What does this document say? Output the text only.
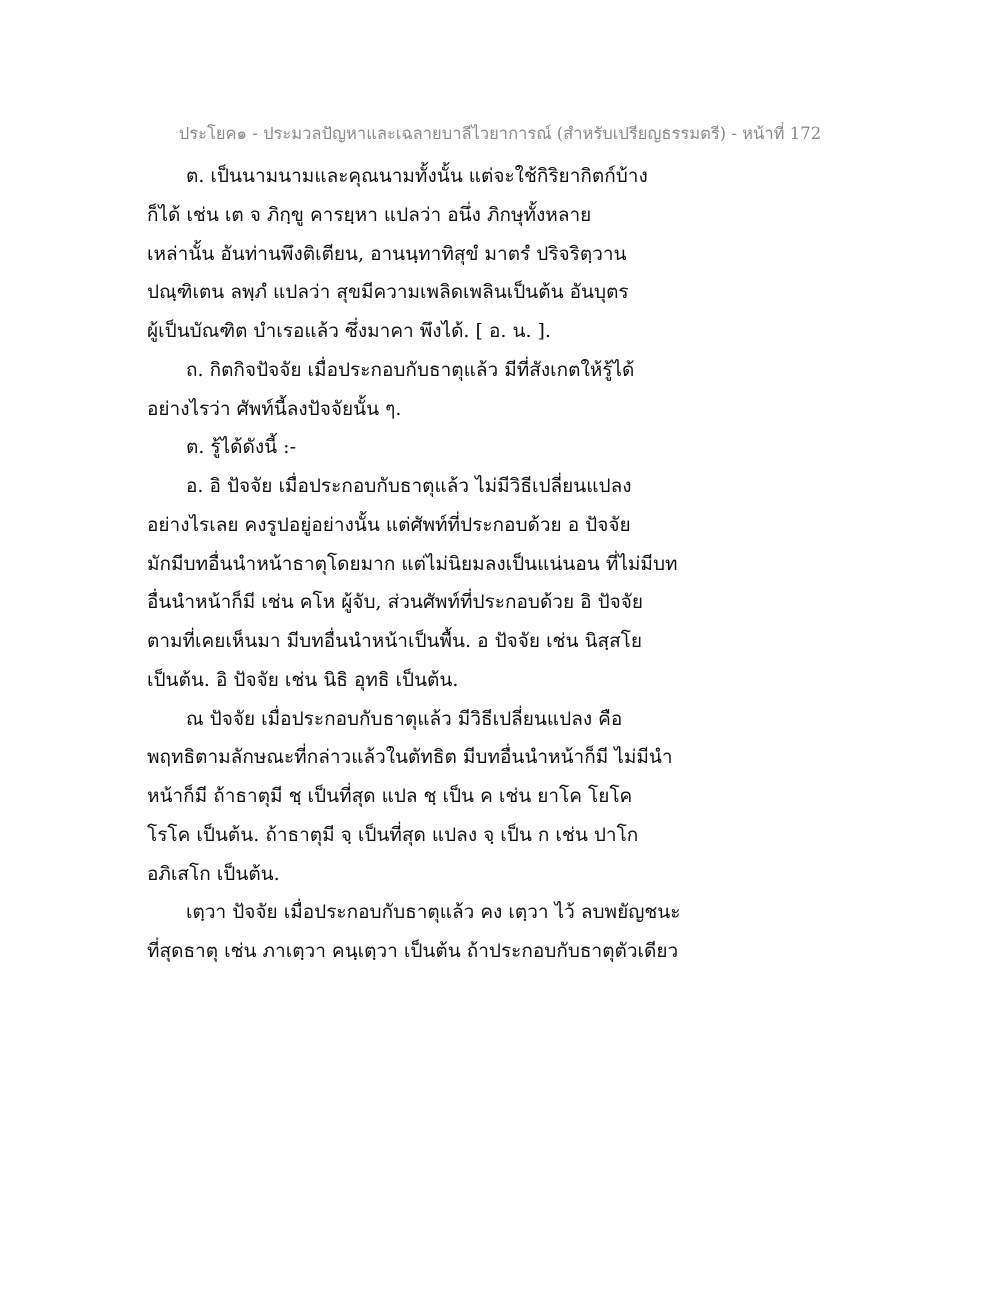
ประโยค๑ - ประมวลปัญหาและเฉลายบาลีไวยาการณ์ (สำหรับเปรียญธรรมตรี) - หน้าที่ 172
ต. เป็นนามนามและคุณนามทั้งนั้น แต่จะใช้กิริยากิตก์บ้าง
ก็ได้ เช่น เต จ ภิกฺขู คารยฺหา แปลว่า อนึ่ง ภิกษุทั้งหลาย
เหล่านั้น อันท่านพึงติเตียน, อานนฺทาทิสุขํ มาตรํ ปริจริตฺวาน
ปณฺฑิเตน ลพฺภํ แปลว่า สุขมีความเพลิดเพลินเป็นต้น อันบุตร
ผู้เป็นบัณฑิต บำเรอแล้ว ซึ่งมาคา พึงได้. [ อ. น. ].
ถ. กิตกิจปัจจัย เมื่อประกอบกับธาตุแล้ว มีที่สังเกตให้รู้ได้
อย่างไรว่า ศัพท์นี้ลงปัจจัยนั้น ๆ.
ต. รู้ได้ดังนี้ :-
อ. อิ ปัจจัย เมื่อประกอบกับธาตุแล้ว ไม่มีวิธีเปลี่ยนแปลง
อย่างไรเลย คงรูปอยู่อย่างนั้น แต่ศัพท์ที่ประกอบด้วย อ ปัจจัย
มักมีบทอื่นนำหน้าธาตุโดยมาก แต่ไม่นิยมลงเป็นแน่นอน ที่ไม่มีบท
อื่นนำหน้าก็มี เช่น คโห ผู้จับ, ส่วนศัพท์ที่ประกอบด้วย อิ ปัจจัย
ตามที่เคยเห็นมา มีบทอื่นนำหน้าเป็นพื้น. อ ปัจจัย เช่น นิสฺสโย
เป็นต้น. อิ ปัจจัย เช่น นิธิ อุทธิ เป็นต้น.
ณ ปัจจัย เมื่อประกอบกับธาตุแล้ว มีวิธีเปลี่ยนแปลง คือ
พฤทธิตามลักษณะที่กล่าวแล้วในตัทธิต มีบทอื่นนำหน้าก็มี ไม่มีนำ
หน้าก็มี ถ้าธาตุมี ชฺ เป็นที่สุด แปล ชฺ เป็น ค เช่น ยาโค โยโค
โรโค เป็นต้น. ถ้าธาตุมี จฺ เป็นที่สุด แปลง จฺ เป็น ก เช่น ปาโก
อภิเสโก เป็นต้น.
เตฺวา ปัจจัย เมื่อประกอบกับธาตุแล้ว คง เตฺวา ไว้ ลบพยัญชนะ
ที่สุดธาตุ เช่น ภาเตฺวา คนฺเตฺวา เป็นต้น ถ้าประกอบกับธาตุตัวเดียว
